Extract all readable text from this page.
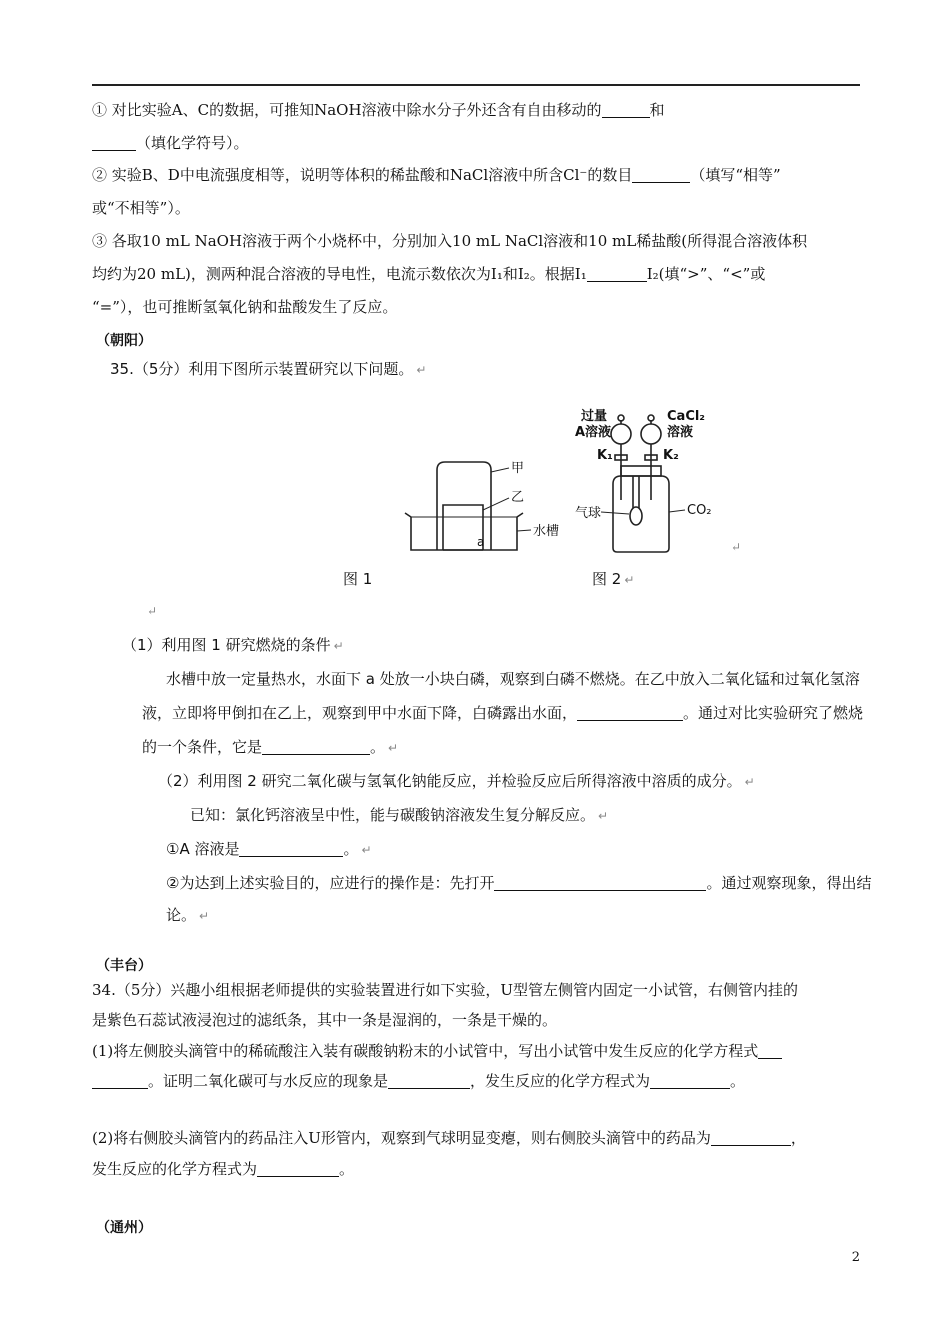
① 对比实验A、C的数据，可推知NaOH溶液中除水分子外还含有自由移动的	和
（填化学符号）。
② 实验B、D中电流强度相等，说明等体积的稀盐酸和NaCl溶液中所含Cl⁻的数目	（填写“相等”
或“不相等”）。
③ 各取10 mL NaOH溶液于两个小烧杯中，分别加入10 mL NaCl溶液和10 mL稀盐酸(所得混合溶液体积
均约为20 mL)，测两种混合溶液的导电性，电流示数依次为I₁和I₂。根据I₁	I₂(填“>”、“<”或
“=”），也可推断氢氧化钠和盐酸发生了反应。
（朝阳）
35.（5分）利用下图所示装置研究以下问题。 ↵
甲
乙
a
水槽
过量
A溶液
CaCl₂
溶液
K₁	K₂
气球	CO₂
↵
图 1	图 2 ↵
↵
（1）利用图 1 研究燃烧的条件 ↵
水槽中放一定量热水，水面下 a 处放一小块白磷，观察到白磷不燃烧。在乙中放入二氧化锰和过氧化氢溶
液，立即将甲倒扣在乙上，观察到甲中水面下降，白磷露出水面，	。通过对比实验研究了燃烧
的一个条件，它是	。 ↵
（2）利用图 2 研究二氧化碳与氢氧化钠能反应，并检验反应后所得溶液中溶质的成分。 ↵
已知：氯化钙溶液呈中性，能与碳酸钠溶液发生复分解反应。 ↵
①A 溶液是	。 ↵
②为达到上述实验目的，应进行的操作是：先打开	。通过观察现象，得出结
论。 ↵
（丰台）
34.（5分）兴趣小组根据老师提供的实验装置进行如下实验，U型管左侧管内固定一小试管，右侧管内挂的
是紫色石蕊试液浸泡过的滤纸条，其中一条是湿润的，一条是干燥的。
(1)将左侧胶头滴管中的稀硫酸注入装有碳酸钠粉末的小试管中，写出小试管中发生反应的化学方程式
。证明二氧化碳可与水反应的现象是	，发生反应的化学方程式为	。
(2)将右侧胶头滴管内的药品注入U形管内，观察到气球明显变瘪，则右侧胶头滴管中的药品为	，
发生反应的化学方程式为	。
（通州）
2
